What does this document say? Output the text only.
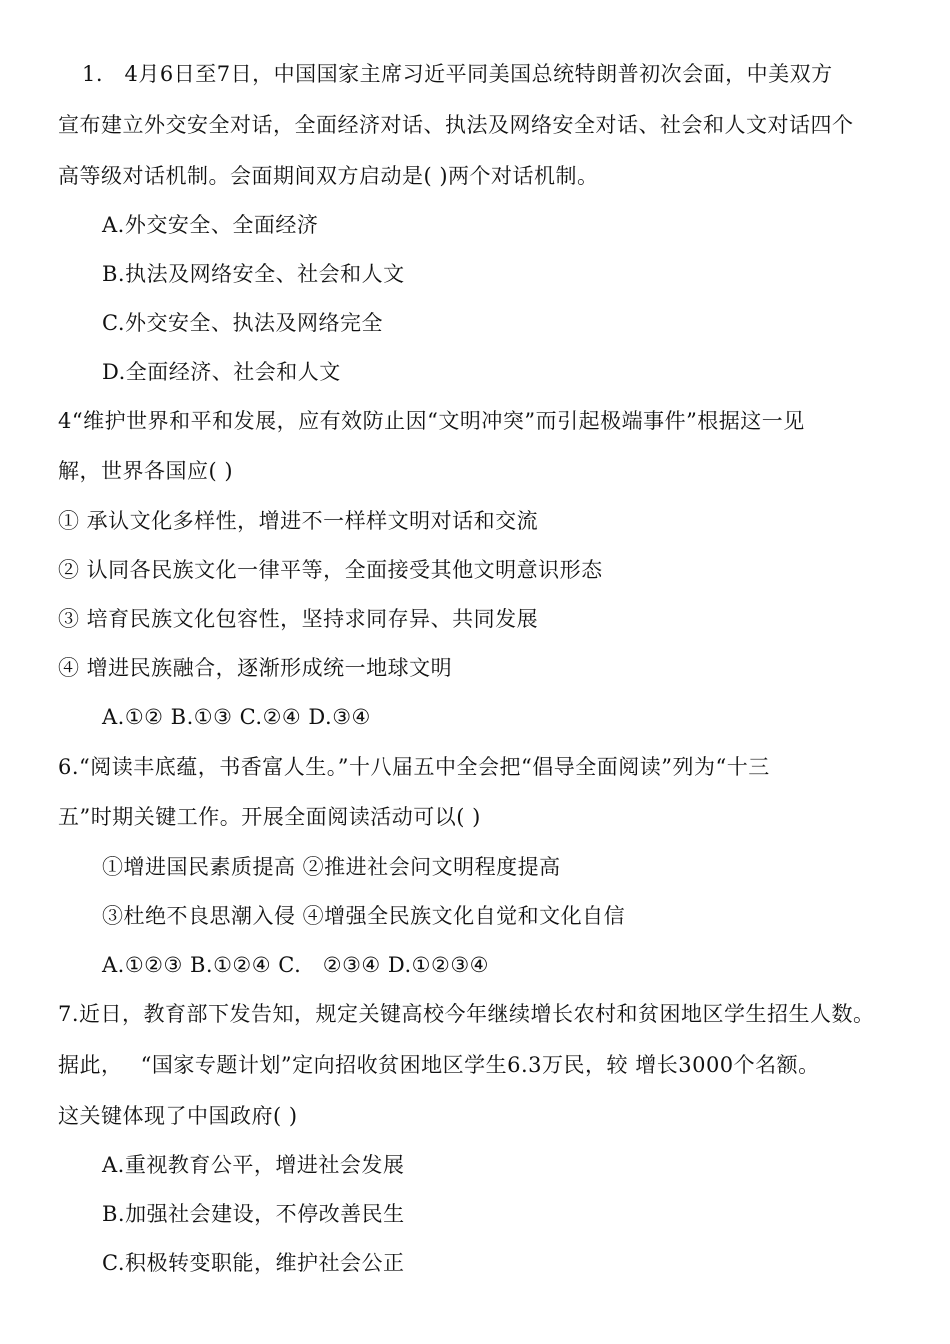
1.　4月6日至7日，中国国家主席习近平同美国总统特朗普初次会面，中美双方
宣布建立外交安全对话，全面经济对话、执法及网络安全对话、社会和人文对话四个
高等级对话机制。会面期间双方启动是( )两个对话机制。
A.外交安全、全面经济
B.执法及网络安全、社会和人文
C.外交安全、执法及网络完全
D.全面经济、社会和人文
4“维护世界和平和发展，应有效防止因“文明冲突”而引起极端事件”根据这一见
解，世界各国应( )
① 承认文化多样性，增进不一样样文明对话和交流
② 认同各民族文化一律平等，全面接受其他文明意识形态
③ 培育民族文化包容性，坚持求同存异、共同发展
④ 增进民族融合，逐渐形成统一地球文明
A.①② B.①③ C.②④ D.③④
6.“阅读丰底蕴，书香富人生。”十八届五中全会把“倡导全面阅读”列为“十三
五”时期关键工作。开展全面阅读活动可以( )
①增进国民素质提高 ②推进社会问文明程度提高
③杜绝不良思潮入侵 ④增强全民族文化自觉和文化自信
A.①②③ B.①②④ C.　②③④ D.①②③④
7.近日，教育部下发告知，规定关键高校今年继续增长农村和贫困地区学生招生人数。
据此，　 “国家专题计划”定向招收贫困地区学生6.3万民，较 增长3000个名额。
这关键体现了中国政府( )
A.重视教育公平，增进社会发展
B.加强社会建设，不停改善民生
C.积极转变职能，维护社会公正
